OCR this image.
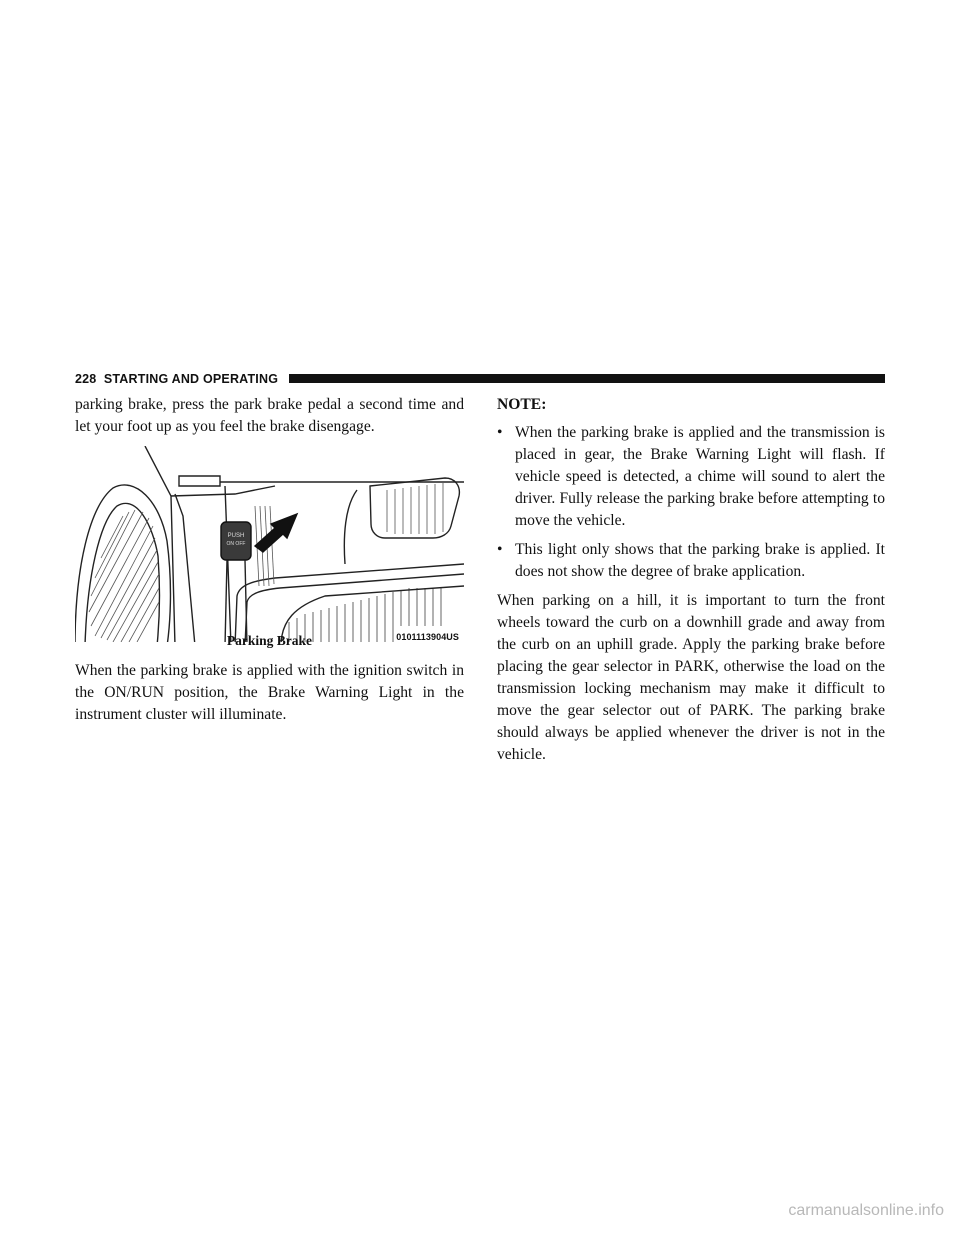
228 STARTING AND OPERATING

parking brake, press the park brake pedal a second time and let your foot up as you feel the brake disengage.

PUSH
ON OFF
0101113904US
Parking Brake

When the parking brake is applied with the ignition switch in the ON/RUN position, the Brake Warning Light in the instrument cluster will illuminate.

NOTE:

• When the parking brake is applied and the transmission is placed in gear, the Brake Warning Light will flash. If vehicle speed is detected, a chime will sound to alert the driver. Fully release the parking brake before attempting to move the vehicle.

• This light only shows that the parking brake is applied. It does not show the degree of brake application.

When parking on a hill, it is important to turn the front wheels toward the curb on a downhill grade and away from the curb on an uphill grade. Apply the parking brake before placing the gear selector in PARK, otherwise the load on the transmission locking mechanism may make it difficult to move the gear selector out of PARK. The parking brake should always be applied whenever the driver is not in the vehicle.

carmanualsonline.info
